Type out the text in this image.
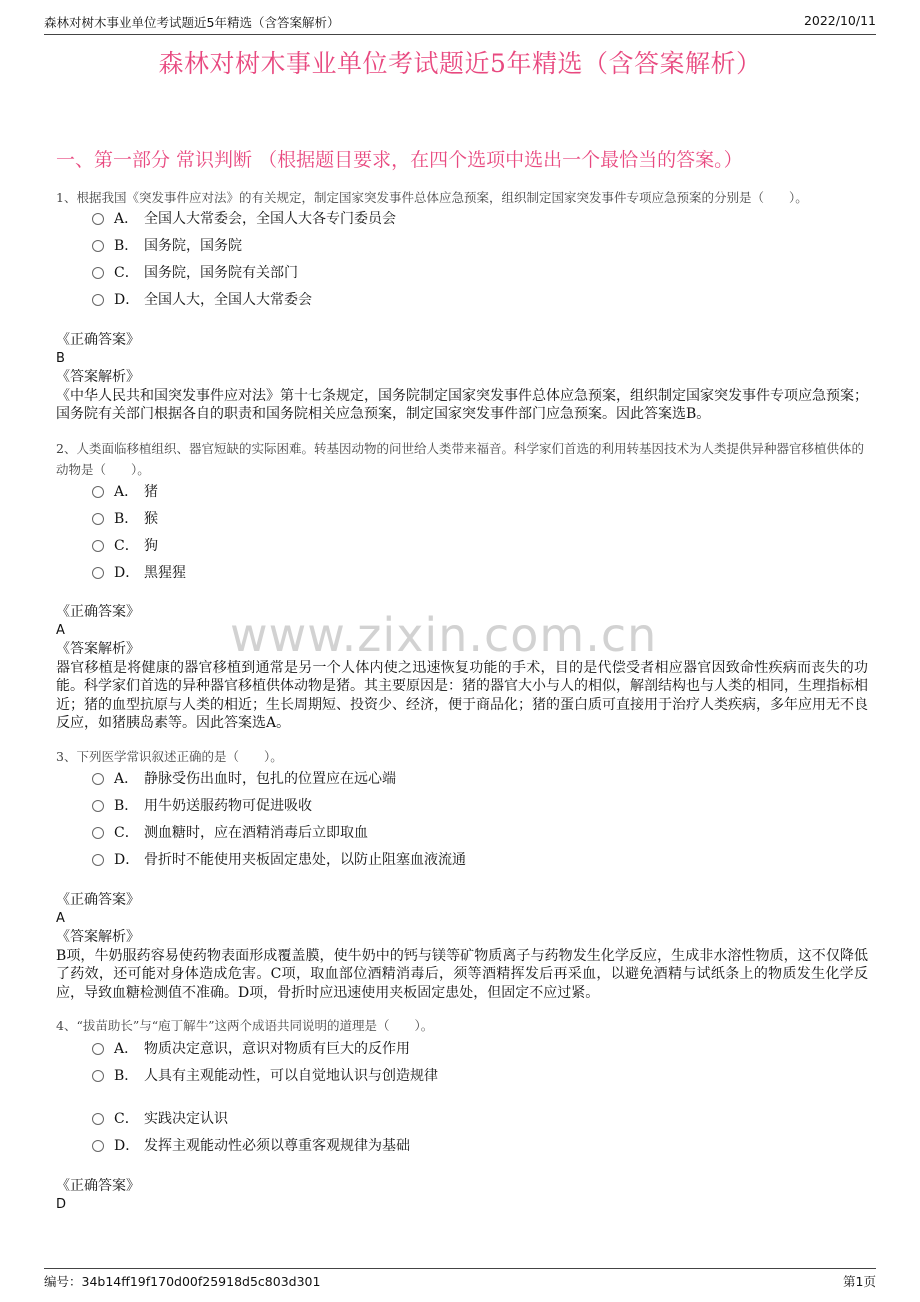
森林对树木事业单位考试题近5年精选（含答案解析）	2022/10/11
森林对树木事业单位考试题近5年精选（含答案解析）
一、第一部分 常识判断 （根据题目要求，在四个选项中选出一个最恰当的答案。）
www.zixin.com.cn
1、根据我国《突发事件应对法》的有关规定，制定国家突发事件总体应急预案，组织制定国家突发事件专项应急预案的分别是（　　）。
A． 全国人大常委会，全国人大各专门委员会
B． 国务院，国务院
C． 国务院，国务院有关部门
D． 全国人大，全国人大常委会
《正确答案》
B
《答案解析》
《中华人民共和国突发事件应对法》第十七条规定，国务院制定国家突发事件总体应急预案，组织制定国家突发事件专项应急预案；国务院有关部门根据各自的职责和国务院相关应急预案，制定国家突发事件部门应急预案。因此答案选B。
2、人类面临移植组织、器官短缺的实际困难。转基因动物的问世给人类带来福音。科学家们首选的利用转基因技术为人类提供异种器官移植供体的动物是（　　）。
A． 猪
B． 猴
C． 狗
D． 黑猩猩
《正确答案》
A
《答案解析》
器官移植是将健康的器官移植到通常是另一个人体内使之迅速恢复功能的手术，目的是代偿受者相应器官因致命性疾病而丧失的功能。科学家们首选的异种器官移植供体动物是猪。其主要原因是：猪的器官大小与人的相似，解剖结构也与人类的相同，生理指标相近；猪的血型抗原与人类的相近；生长周期短、投资少、经济，便于商品化；猪的蛋白质可直接用于治疗人类疾病，多年应用无不良反应，如猪胰岛素等。因此答案选A。
3、下列医学常识叙述正确的是（　　）。
A． 静脉受伤出血时，包扎的位置应在远心端
B． 用牛奶送服药物可促进吸收
C． 测血糖时，应在酒精消毒后立即取血
D． 骨折时不能使用夹板固定患处，以防止阻塞血液流通
《正确答案》
A
《答案解析》
B项，牛奶服药容易使药物表面形成覆盖膜，使牛奶中的钙与镁等矿物质离子与药物发生化学反应，生成非水溶性物质，这不仅降低了药效，还可能对身体造成危害。C项，取血部位酒精消毒后，须等酒精挥发后再采血，以避免酒精与试纸条上的物质发生化学反应，导致血糖检测值不准确。D项，骨折时应迅速使用夹板固定患处，但固定不应过紧。
4、“拔苗助长”与“庖丁解牛”这两个成语共同说明的道理是（　　）。
A． 物质决定意识，意识对物质有巨大的反作用
B． 人具有主观能动性，可以自觉地认识与创造规律
C． 实践决定认识
D． 发挥主观能动性必须以尊重客观规律为基础
《正确答案》
D
编号：34b14ff19f170d00f25918d5c803d301	第1页
